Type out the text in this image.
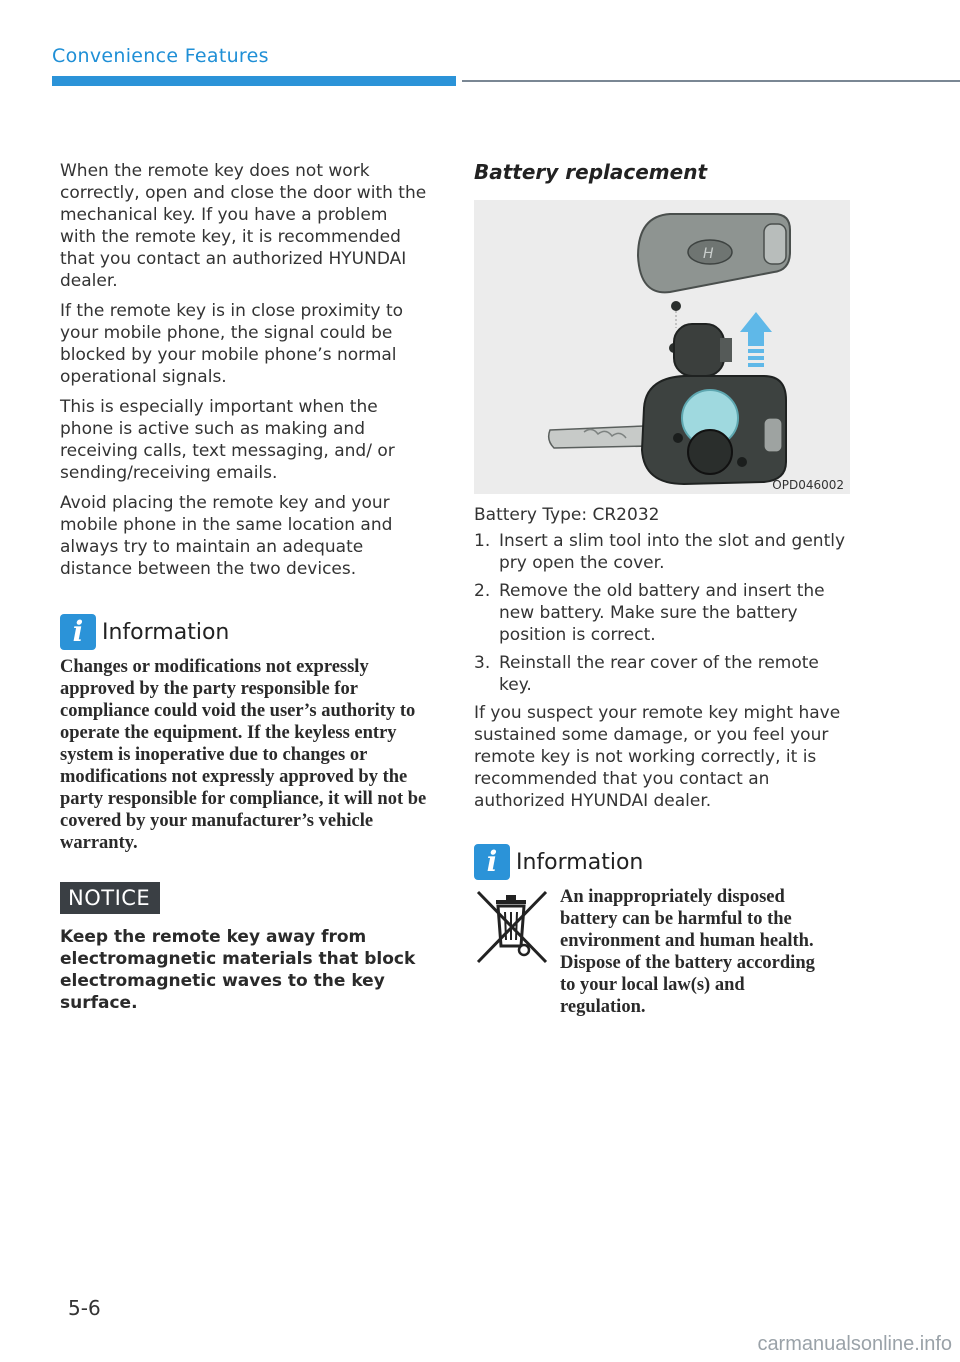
Convenience Features

When the remote key does not work correctly, open and close the door with the mechanical key. If you have a problem with the remote key, it is recommended that you contact an authorized HYUNDAI dealer.

If the remote key is in close proximity to your mobile phone, the signal could be blocked by your mobile phone’s normal operational signals.

This is especially important when the phone is active such as making and receiving calls, text messaging, and/ or sending/receiving emails.

Avoid placing the remote key and your mobile phone in the same location and always try to maintain an adequate distance between the two devices.

i Information

Changes or modifications not expressly approved by the party responsible for compliance could void the user’s authority to operate the equipment. If the keyless entry system is inoperative due to changes or modifications not expressly approved by the party responsible for compliance, it will not be covered by your manufacturer’s vehicle warranty.

NOTICE

Keep the remote key away from electromagnetic materials that block electromagnetic waves to the key surface.

Battery replacement
H
OPD046002

Battery Type: CR2032

1. Insert a slim tool into the slot and gently pry open the cover.
2. Remove the old battery and insert the new battery. Make sure the battery position is correct.
3. Reinstall the rear cover of the remote key.

If you suspect your remote key might have sustained some damage, or you feel your remote key is not working correctly, it is recommended that you contact an authorized HYUNDAI dealer.

i Information

An inappropriately disposed battery can be harmful to the environment and human health. Dispose of the battery according to your local law(s) and regulation.

5-6
carmanualsonline.info
